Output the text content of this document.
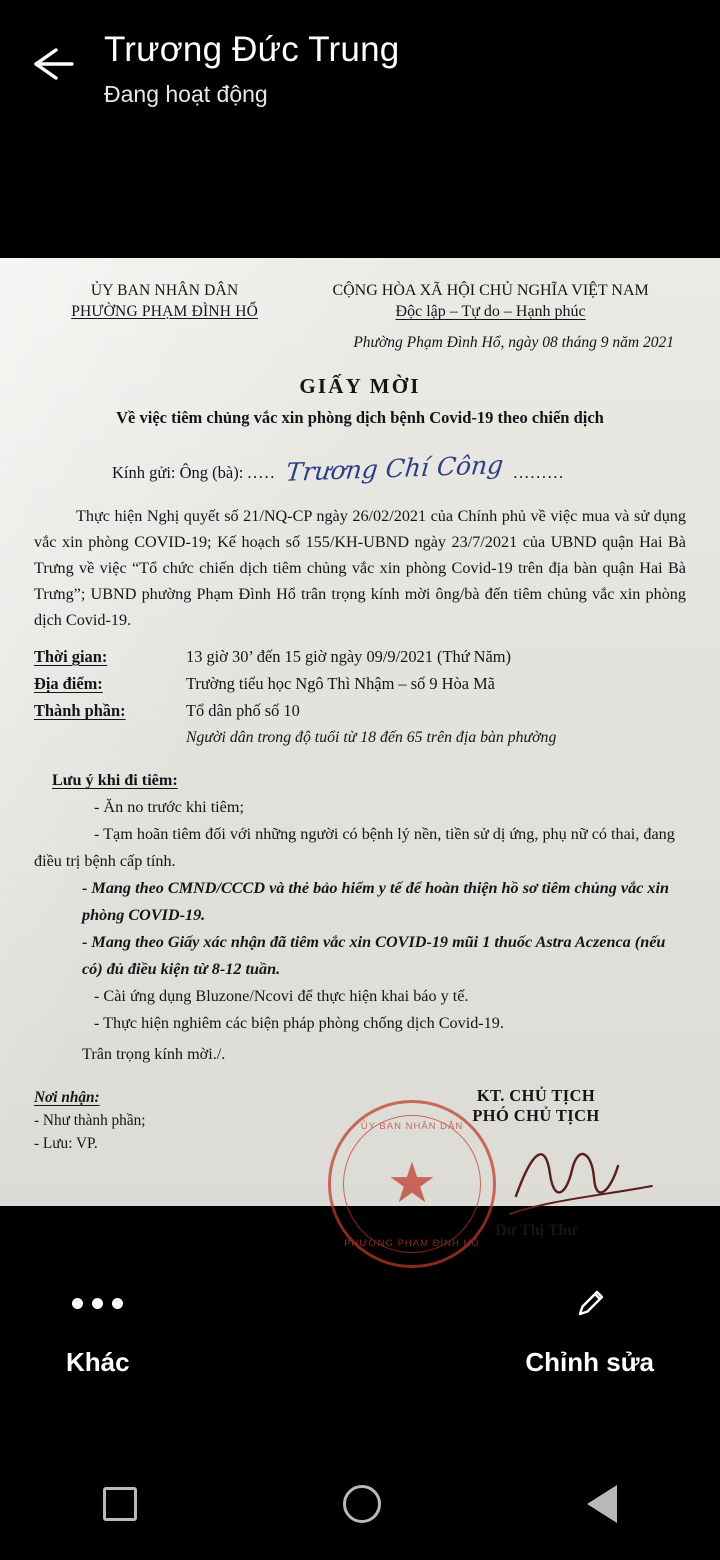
Trương Đức Trung
Đang hoạt động
ỦY BAN NHÂN DÂN
PHƯỜNG PHẠM ĐÌNH HỔ
CỘNG HÒA XÃ HỘI CHỦ NGHĨA VIỆT NAM
Độc lập – Tự do – Hạnh phúc
Phường Phạm Đình Hổ, ngày 08 tháng 9 năm 2021
GIẤY MỜI
Về việc tiêm chủng vắc xin phòng dịch bệnh Covid-19 theo chiến dịch
Kính gửi: Ông (bà): ..... Trương Chí Công .........
Thực hiện Nghị quyết số 21/NQ-CP ngày 26/02/2021 của Chính phủ về việc mua và sử dụng vắc xin phòng COVID-19; Kế hoạch số 155/KH-UBND ngày 23/7/2021 của UBND quận Hai Bà Trưng về việc “Tổ chức chiến dịch tiêm chủng vắc xin phòng Covid-19 trên địa bàn quận Hai Bà Trưng”; UBND phường Phạm Đình Hổ trân trọng kính mời ông/bà đến tiêm chủng vắc xin phòng dịch Covid-19.
Thời gian:	13 giờ 30’ đến 15 giờ ngày 09/9/2021 (Thứ Năm)
Địa điểm:	Trường tiểu học Ngô Thì Nhậm – số 9 Hòa Mã
Thành phần:	Tổ dân phố số 10
Người dân trong độ tuổi từ 18 đến 65 trên địa bàn phường
Lưu ý khi đi tiêm:
- Ăn no trước khi tiêm;
- Tạm hoãn tiêm đối với những người có bệnh lý nền, tiền sử dị ứng, phụ nữ có thai, đang điều trị bệnh cấp tính.
- Mang theo CMND/CCCD và thẻ bảo hiểm y tế để hoàn thiện hồ sơ tiêm chủng vắc xin phòng COVID-19.
- Mang theo Giấy xác nhận đã tiêm vắc xin COVID-19 mũi 1 thuốc Astra Aczenca (nếu có) đủ điều kiện từ 8-12 tuần.
- Cài ứng dụng Bluzone/Ncovi để thực hiện khai báo y tế.
- Thực hiện nghiêm các biện pháp phòng chống dịch Covid-19.
Trân trọng kính mời./.
Nơi nhận:
- Như thành phần;
- Lưu: VP.
KT. CHỦ TỊCH
PHÓ CHỦ TỊCH
ỦY BAN NHÂN DÂN
★
PHƯỜNG PHẠM ĐÌNH HỔ
Dư Thị Thư
Khác	Chỉnh sửa
